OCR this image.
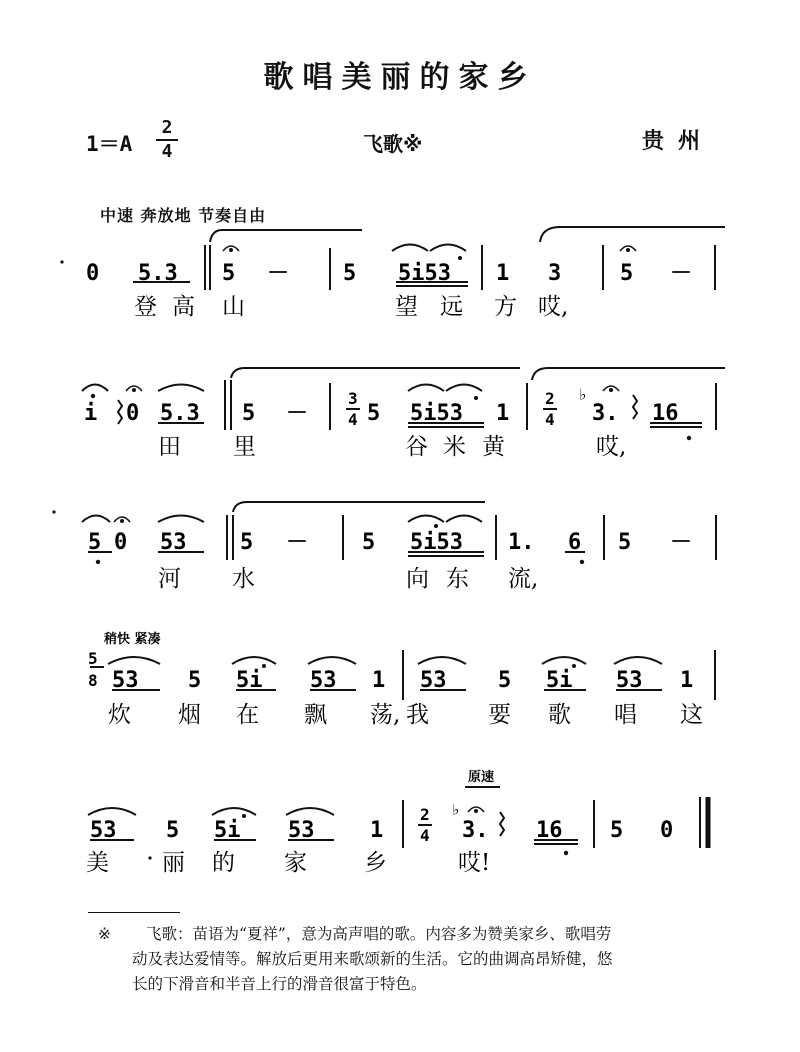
歌唱美丽的家乡
1＝A
2
4	飞歌※	贵州
中速 奔放地 节奏自由
0 5.3 5 － 5 5i53 1 3	5 －
登 高 山	望 远 方 哎,
i 0 5.3 5 －
3
4 5 5i53 1
2
4
♭
3. 16
田 里	谷 米 黄	哎,
5 0 53 5 － 5 5i53 1. 6 5 －
河 水	向 东 流,
稍快 紧凑
5
8 53 5 5i 53 1 53 5 5i 53 1
炊 烟 在 飘 荡, 我	要 歌 唱 这
原速
53 5 5i 53	1
2
4
♭
3. 16 5 0
美 丽 的 家 乡	哎!
※	飞歌：苗语为“夏祥”，意为高声唱的歌。内容多为赞美家乡、歌唱劳

动及表达爱情等。解放后更用来歌颂新的生活。它的曲调高昂矫健，悠

长的下滑音和半音上行的滑音很富于特色。
